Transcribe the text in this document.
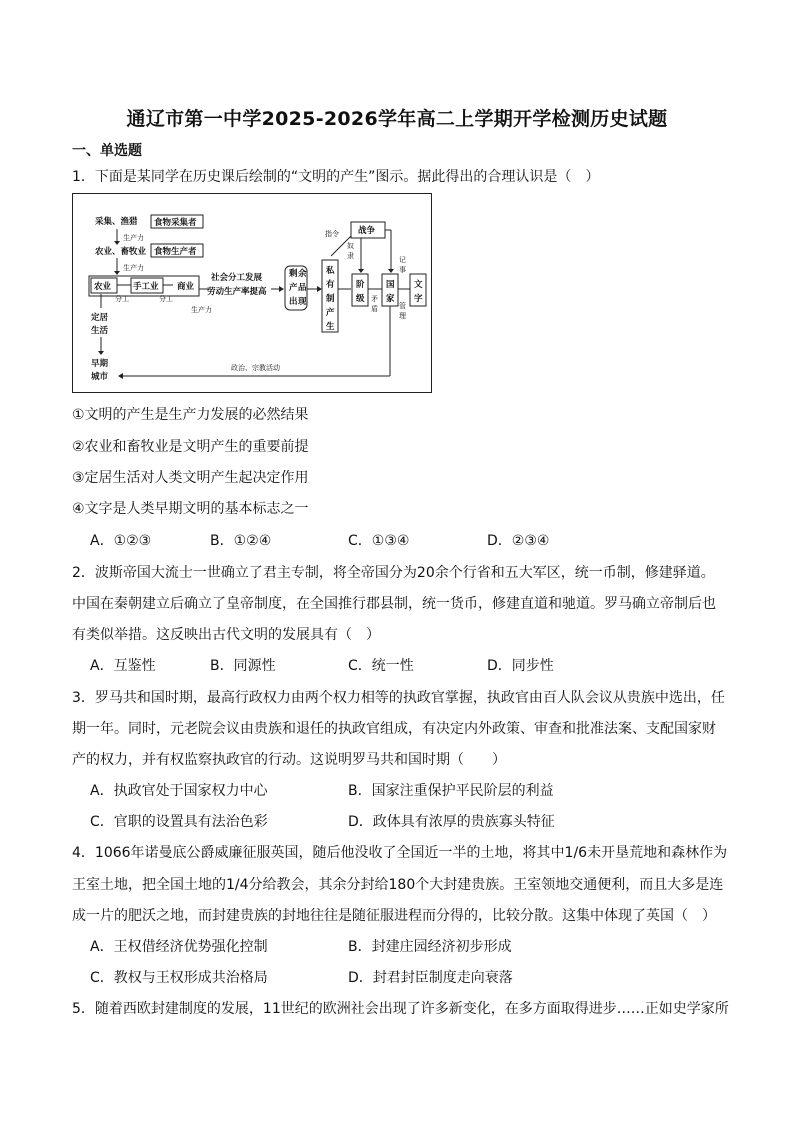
通辽市第一中学2025-2026学年高二上学期开学检测历史试题
一、单选题
1．下面是某同学在历史课后绘制的“文明的产生”图示。据此得出的合理认识是（　）
采集、渔猎 食物采集者
生产力
农业、畜牧业 食物生产者
生产力
农业	手工业 商业
分工	分工
社会分工发展
劳动生产率提高
生产力
剩 余
产 品
出 现
私
有
制
产
生
指令 战争
奴
隶
阶
级 矛
盾
国
家
记
事
管
理
文
字
定居
生活
早期
城市
政治、宗教活动
①文明的产生是生产力发展的必然结果
②农业和畜牧业是文明产生的重要前提
③定居生活对人类文明产生起决定作用
④文字是人类早期文明的基本标志之一
A．①②③	B．①②④	C．①③④	D．②③④
2．波斯帝国大流士一世确立了君主专制，将全帝国分为20余个行省和五大军区，统一币制，修建驿道。
中国在秦朝建立后确立了皇帝制度，在全国推行郡县制，统一货币，修建直道和驰道。罗马确立帝制后也
有类似举措。这反映出古代文明的发展具有（　）
A．互鉴性	B．同源性	C．统一性	D．同步性
3．罗马共和国时期，最高行政权力由两个权力相等的执政官掌握，执政官由百人队会议从贵族中选出，任
期一年。同时，元老院会议由贵族和退任的执政官组成，有决定内外政策、审查和批准法案、支配国家财
产的权力，并有权监察执政官的行动。这说明罗马共和国时期（　　）
A．执政官处于国家权力中心	B．国家注重保护平民阶层的利益
C．官职的设置具有法治色彩	D．政体具有浓厚的贵族寡头特征
4．1066年诺曼底公爵威廉征服英国，随后他没收了全国近一半的土地，将其中1/6未开垦荒地和森林作为
王室土地，把全国土地的1/4分给教会，其余分封给180个大封建贵族。王室领地交通便利，而且大多是连
成一片的肥沃之地，而封建贵族的封地往往是随征服进程而分得的，比较分散。这集中体现了英国（　）
A．王权借经济优势强化控制	B．封建庄园经济初步形成
C．教权与王权形成共治格局	D．封君封臣制度走向衰落
5．随着西欧封建制度的发展，11世纪的欧洲社会出现了许多新变化，在多方面取得进步……正如史学家所
